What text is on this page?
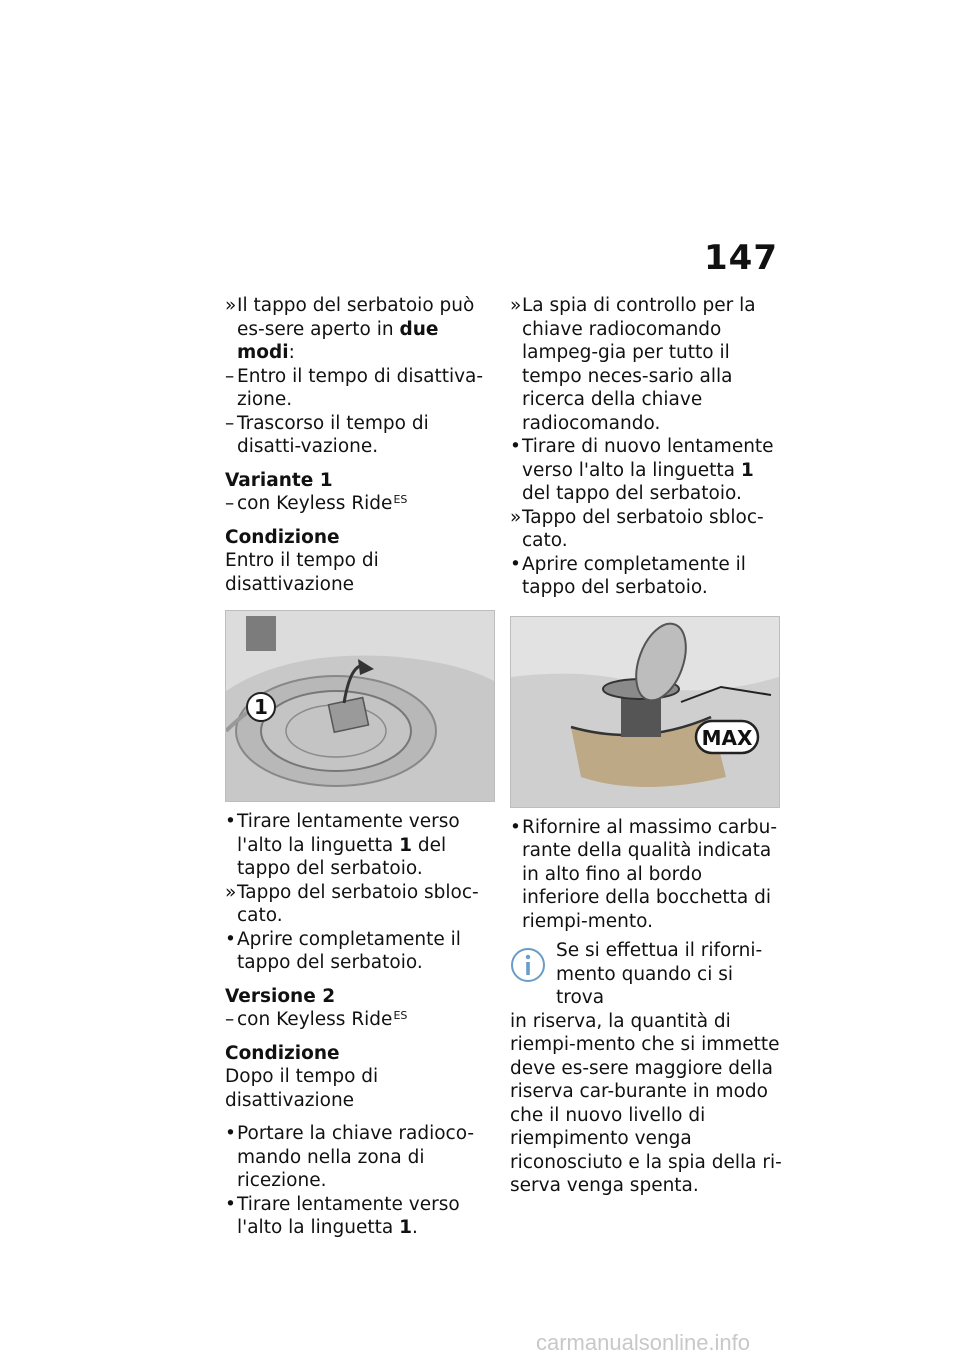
147

» Il tappo del serbatoio può es-sere aperto in due modi:

– Entro il tempo di disattiva-zione.

– Trascorso il tempo di disatti-vazione.

Variante 1

– con Keyless Ride$^{ES}$

Condizione

Entro il tempo di disattivazione

1

• Tirare lentamente verso l'alto la linguetta 1 del tappo del serbatoio.

» Tappo del serbatoio sbloc-cato.

• Aprire completamente il tappo del serbatoio.

Versione 2

– con Keyless Ride$^{ES}$

Condizione

Dopo il tempo di disattivazione

• Portare la chiave radioco-mando nella zona di ricezione.

• Tirare lentamente verso l'alto la linguetta 1.

» La spia di controllo per la chiave radiocomando lampeg-gia per tutto il tempo neces-sario alla ricerca della chiave radiocomando.

• Tirare di nuovo lentamente verso l'alto la linguetta 1 del tappo del serbatoio.

» Tappo del serbatoio sbloc-cato.

• Aprire completamente il tappo del serbatoio.

MAX

• Rifornire al massimo carbu-rante della qualità indicata in alto fino al bordo inferiore della bocchetta di riempi-mento.

Se si effettua il riforni-

mento quando ci si trova

in riserva, la quantità di riempi-mento che si immette deve es-sere maggiore della riserva car-burante in modo che il nuovo livello di riempimento venga riconosciuto e la spia della ri-serva venga spenta.

carmanualsonline.info
